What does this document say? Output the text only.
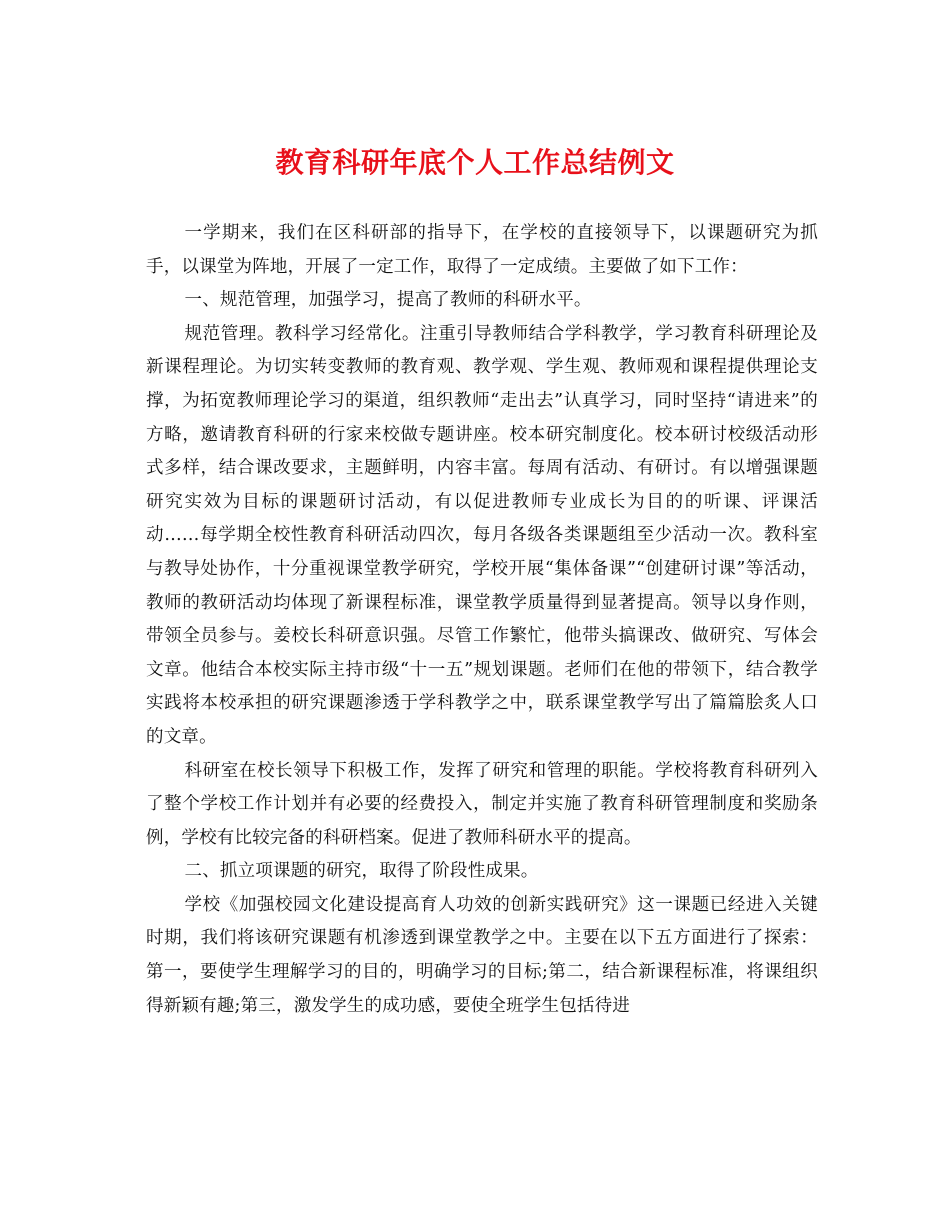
教育科研年底个人工作总结例文

一学期来，我们在区科研部的指导下，在学校的直接领导下，以课题研究为抓手，以课堂为阵地，开展了一定工作，取得了一定成绩。主要做了如下工作：

一、规范管理，加强学习，提高了教师的科研水平。

规范管理。教科学习经常化。注重引导教师结合学科教学，学习教育科研理论及新课程理论。为切实转变教师的教育观、教学观、学生观、教师观和课程提供理论支撑，为拓宽教师理论学习的渠道，组织教师“走出去”认真学习，同时坚持“请进来”的方略，邀请教育科研的行家来校做专题讲座。校本研究制度化。校本研讨校级活动形式多样，结合课改要求，主题鲜明，内容丰富。每周有活动、有研讨。有以增强课题研究实效为目标的课题研讨活动，有以促进教师专业成长为目的的听课、评课活动……每学期全校性教育科研活动四次，每月各级各类课题组至少活动一次。教科室与教导处协作，十分重视课堂教学研究，学校开展“集体备课”“创建研讨课”等活动，教师的教研活动均体现了新课程标准，课堂教学质量得到显著提高。领导以身作则，带领全员参与。姜校长科研意识强。尽管工作繁忙，他带头搞课改、做研究、写体会文章。他结合本校实际主持市级“十一五”规划课题。老师们在他的带领下，结合教学实践将本校承担的研究课题渗透于学科教学之中，联系课堂教学写出了篇篇脍炙人口的文章。

科研室在校长领导下积极工作，发挥了研究和管理的职能。学校将教育科研列入了整个学校工作计划并有必要的经费投入，制定并实施了教育科研管理制度和奖励条例，学校有比较完备的科研档案。促进了教师科研水平的提高。

二、抓立项课题的研究，取得了阶段性成果。

学校《加强校园文化建设提高育人功效的创新实践研究》这一课题已经进入关键时期，我们将该研究课题有机渗透到课堂教学之中。主要在以下五方面进行了探索：第一，要使学生理解学习的目的，明确学习的目标;第二，结合新课程标准，将课组织得新颖有趣;第三，激发学生的成功感，要使全班学生包括待进
